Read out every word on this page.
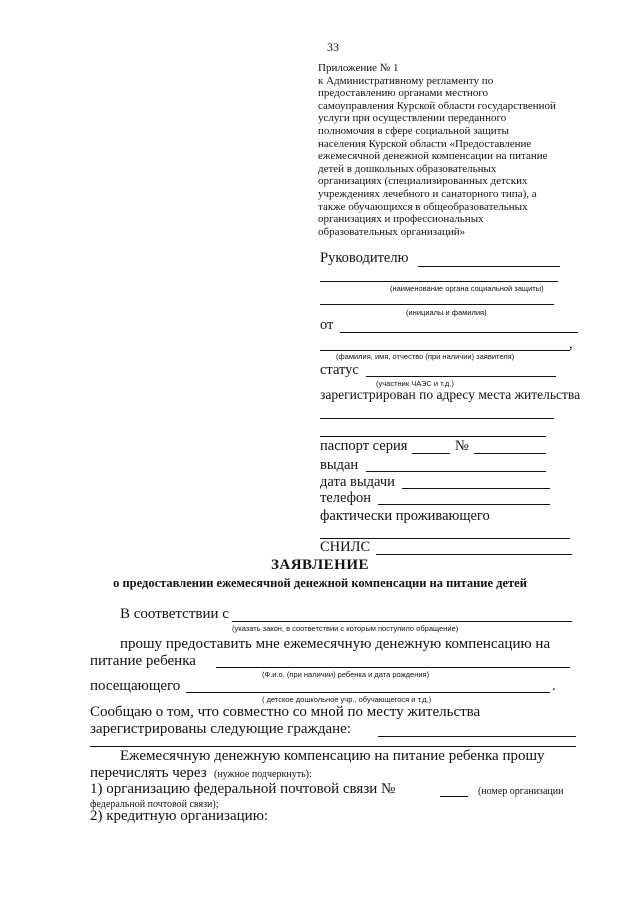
33
Приложение № 1
к Административному регламенту по
предоставлению органами местного
самоуправления Курской области государственной
услуги при осуществлении переданного
полномочия в сфере социальной защиты
населения Курской области «Предоставление
ежемесячной денежной компенсации на питание
детей в дошкольных образовательных
организациях (специализированных детских
учреждениях лечебного и санаторного типа), а
также обучающихся в общеобразовательных
организациях и профессиональных
образовательных организаций»
Руководителю
(наименование органа социальной защиты)
(инициалы и фамилия)
от
,
(фамилия, имя, отчество (при наличии) заявителя)
статус
(участник ЧАЭС и т.д.)
зарегистрирован по адресу места жительства
паспорт серия	№
выдан
дата выдачи
телефон
фактически проживающего
СНИЛС
ЗАЯВЛЕНИЕ
о предоставлении ежемесячной денежной компенсации на питание детей
В соответствии с
(указать закон, в соответствии с которым поступило обращение)
прошу предоставить мне ежемесячную денежную компенсацию на
питание ребенка
(Ф.и.о. (при наличии) ребенка и дата рождения)
посещающего	.
( детское дошкольное учр., обучающегося и т.д.)
Сообщаю о том, что совместно со мной по месту жительства
зарегистрированы следующие граждане:
Ежемесячную денежную компенсацию на питание ребенка прошу
перечислять через (нужное подчеркнуть):
1) организацию федеральной почтовой связи №	(номер организации
федеральной почтовой связи);
2) кредитную организацию:
